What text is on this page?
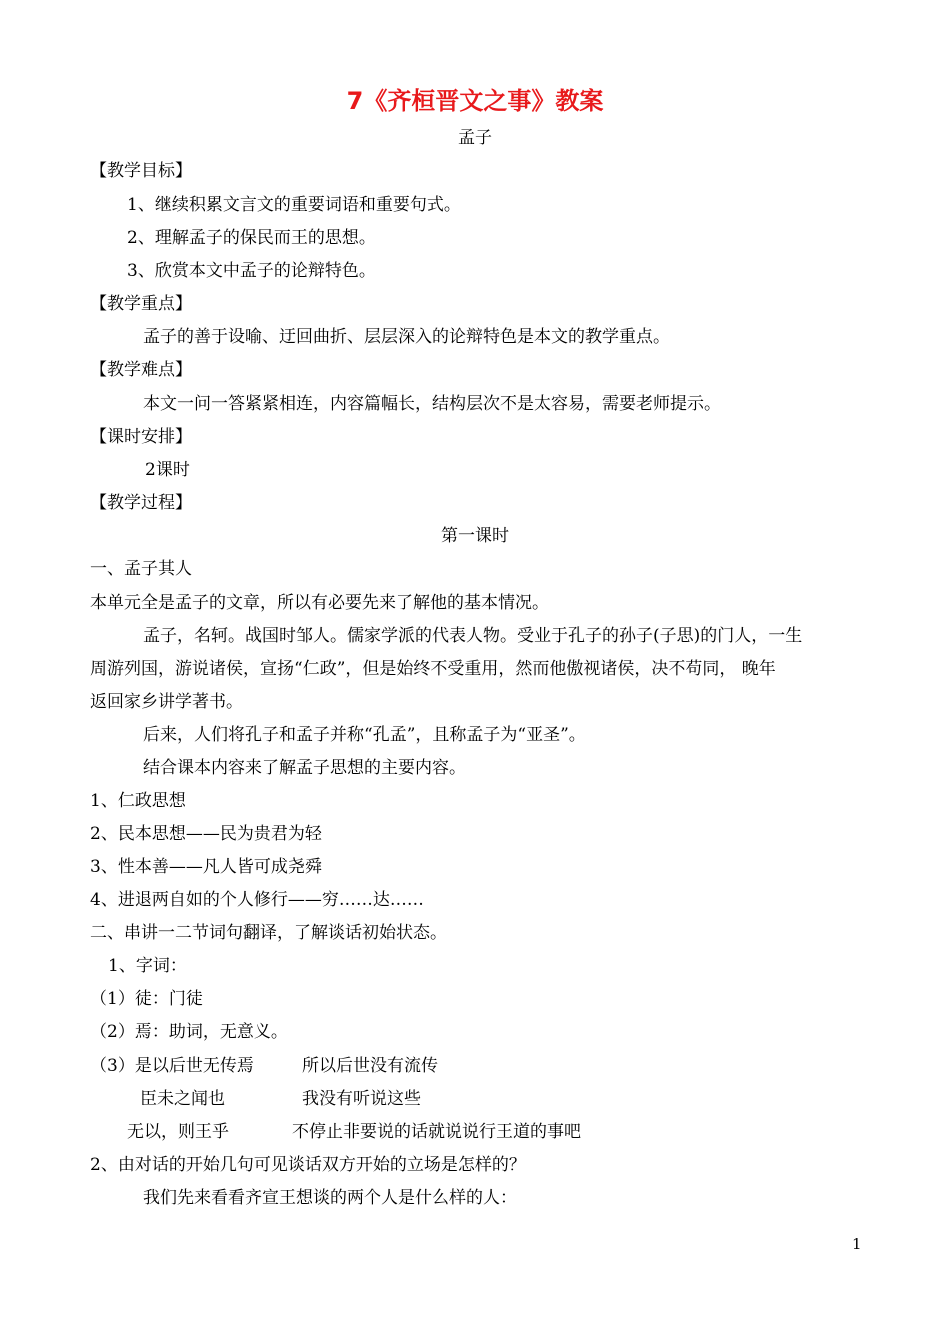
7《齐桓晋文之事》教案
孟子
【教学目标】
1、继续积累文言文的重要词语和重要句式。
2、理解孟子的保民而王的思想。
3、欣赏本文中孟子的论辩特色。
【教学重点】
孟子的善于设喻、迂回曲折、层层深入的论辩特色是本文的教学重点。
【教学难点】
本文一问一答紧紧相连，内容篇幅长，结构层次不是太容易，需要老师提示。
【课时安排】
2课时
【教学过程】
第一课时
一、孟子其人
本单元全是孟子的文章，所以有必要先来了解他的基本情况。
孟子，名轲。战国时邹人。儒家学派的代表人物。受业于孔子的孙子(子思)的门人，一生
周游列国，游说诸侯，宣扬“仁政”，但是始终不受重用，然而他傲视诸侯，决不苟同， 晚年
返回家乡讲学著书。
后来，人们将孔子和孟子并称“孔孟”，且称孟子为“亚圣”。
结合课本内容来了解孟子思想的主要内容。
1、仁政思想
2、民本思想——民为贵君为轻
3、性本善——凡人皆可成尧舜
4、进退两自如的个人修行——穷……达……
二、串讲一二节词句翻译，了解谈话初始状态。
1、字词：
（1）徒：门徒
（2）焉：助词，无意义。
（3）是以后世无传焉	所以后世没有流传
臣未之闻也	我没有听说这些
无以，则王乎	不停止非要说的话就说说行王道的事吧
2、由对话的开始几句可见谈话双方开始的立场是怎样的？
我们先来看看齐宣王想谈的两个人是什么样的人：
1
